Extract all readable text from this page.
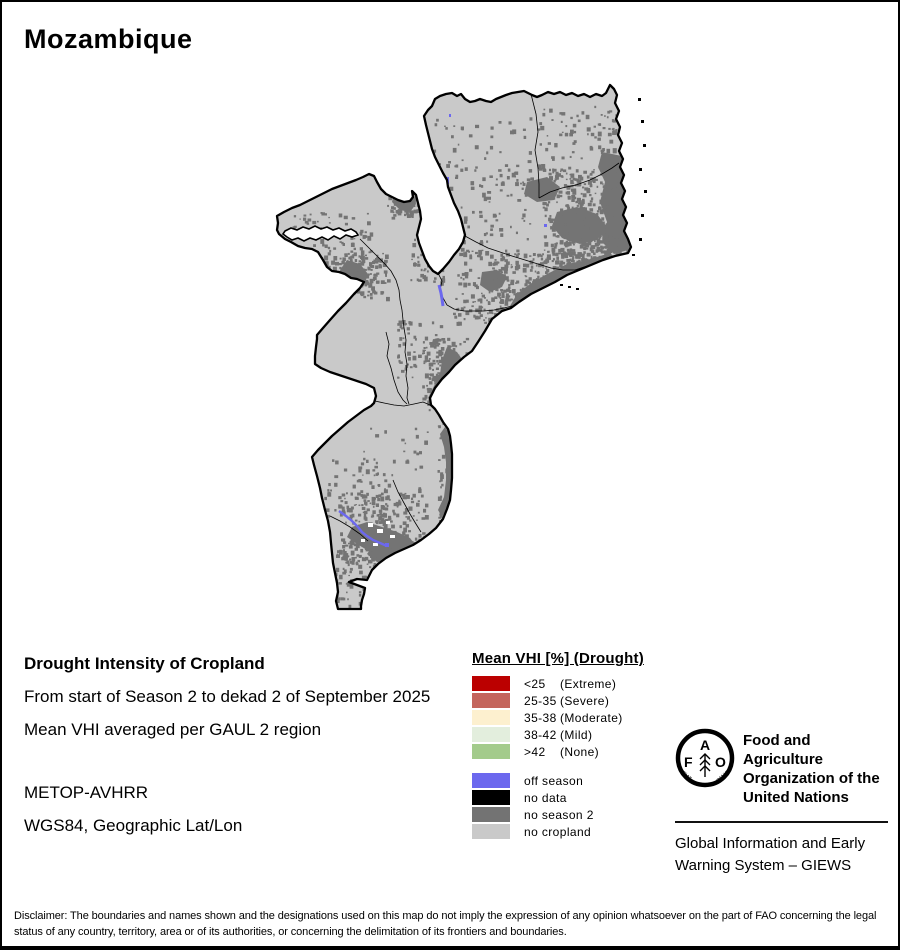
Mozambique
Drought Intensity of Cropland
From start of Season 2 to dekad 2 of September 2025
Mean VHI averaged per GAUL 2 region
METOP-AVHRR
WGS84, Geographic Lat/Lon
Mean VHI [%] (Drought)
<25	(Extreme)
25-35 (Severe)
35-38 (Moderate)
38-42 (Mild)
>42	(None)
off season
no data
no season 2
no cropland
F
A
O
FIAT	PANIS
Food and Agriculture
Organization of the
United Nations
Global Information and Early
Warning System – GIEWS
Disclaimer: The boundaries and names shown and the designations used on this map do not imply the expression of any opinion whatsoever on the part of FAO concerning the legal status of any country, territory, area or of its authorities, or concerning the delimitation of its frontiers and boundaries.
